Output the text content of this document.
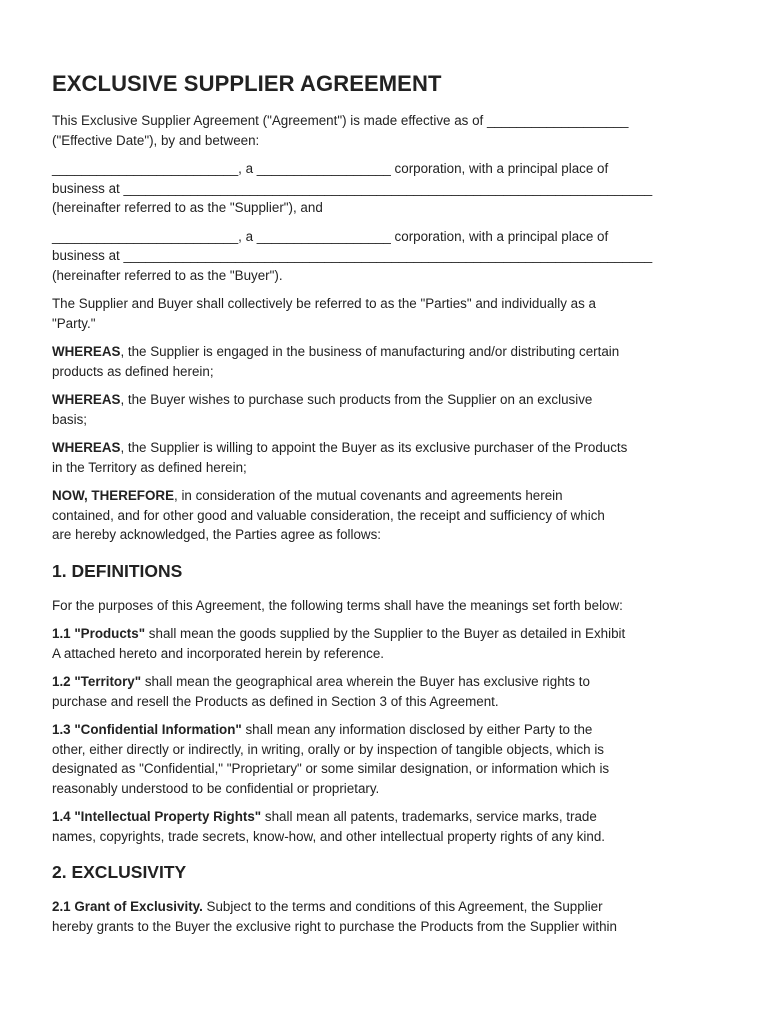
EXCLUSIVE SUPPLIER AGREEMENT

This Exclusive Supplier Agreement ("Agreement") is made effective as of ___________________
("Effective Date"), by and between:

_________________________, a __________________ corporation, with a principal place of
business at _______________________________________________________________________
(hereinafter referred to as the "Supplier"), and

_________________________, a __________________ corporation, with a principal place of
business at _______________________________________________________________________
(hereinafter referred to as the "Buyer").

The Supplier and Buyer shall collectively be referred to as the "Parties" and individually as a
"Party."

WHEREAS, the Supplier is engaged in the business of manufacturing and/or distributing certain
products as defined herein;

WHEREAS, the Buyer wishes to purchase such products from the Supplier on an exclusive
basis;

WHEREAS, the Supplier is willing to appoint the Buyer as its exclusive purchaser of the Products
in the Territory as defined herein;

NOW, THEREFORE, in consideration of the mutual covenants and agreements herein
contained, and for other good and valuable consideration, the receipt and sufficiency of which
are hereby acknowledged, the Parties agree as follows:

1. DEFINITIONS

For the purposes of this Agreement, the following terms shall have the meanings set forth below:

1.1 "Products" shall mean the goods supplied by the Supplier to the Buyer as detailed in Exhibit
A attached hereto and incorporated herein by reference.

1.2 "Territory" shall mean the geographical area wherein the Buyer has exclusive rights to
purchase and resell the Products as defined in Section 3 of this Agreement.

1.3 "Confidential Information" shall mean any information disclosed by either Party to the
other, either directly or indirectly, in writing, orally or by inspection of tangible objects, which is
designated as "Confidential," "Proprietary" or some similar designation, or information which is
reasonably understood to be confidential or proprietary.

1.4 "Intellectual Property Rights" shall mean all patents, trademarks, service marks, trade
names, copyrights, trade secrets, know-how, and other intellectual property rights of any kind.

2. EXCLUSIVITY

2.1 Grant of Exclusivity. Subject to the terms and conditions of this Agreement, the Supplier
hereby grants to the Buyer the exclusive right to purchase the Products from the Supplier within
